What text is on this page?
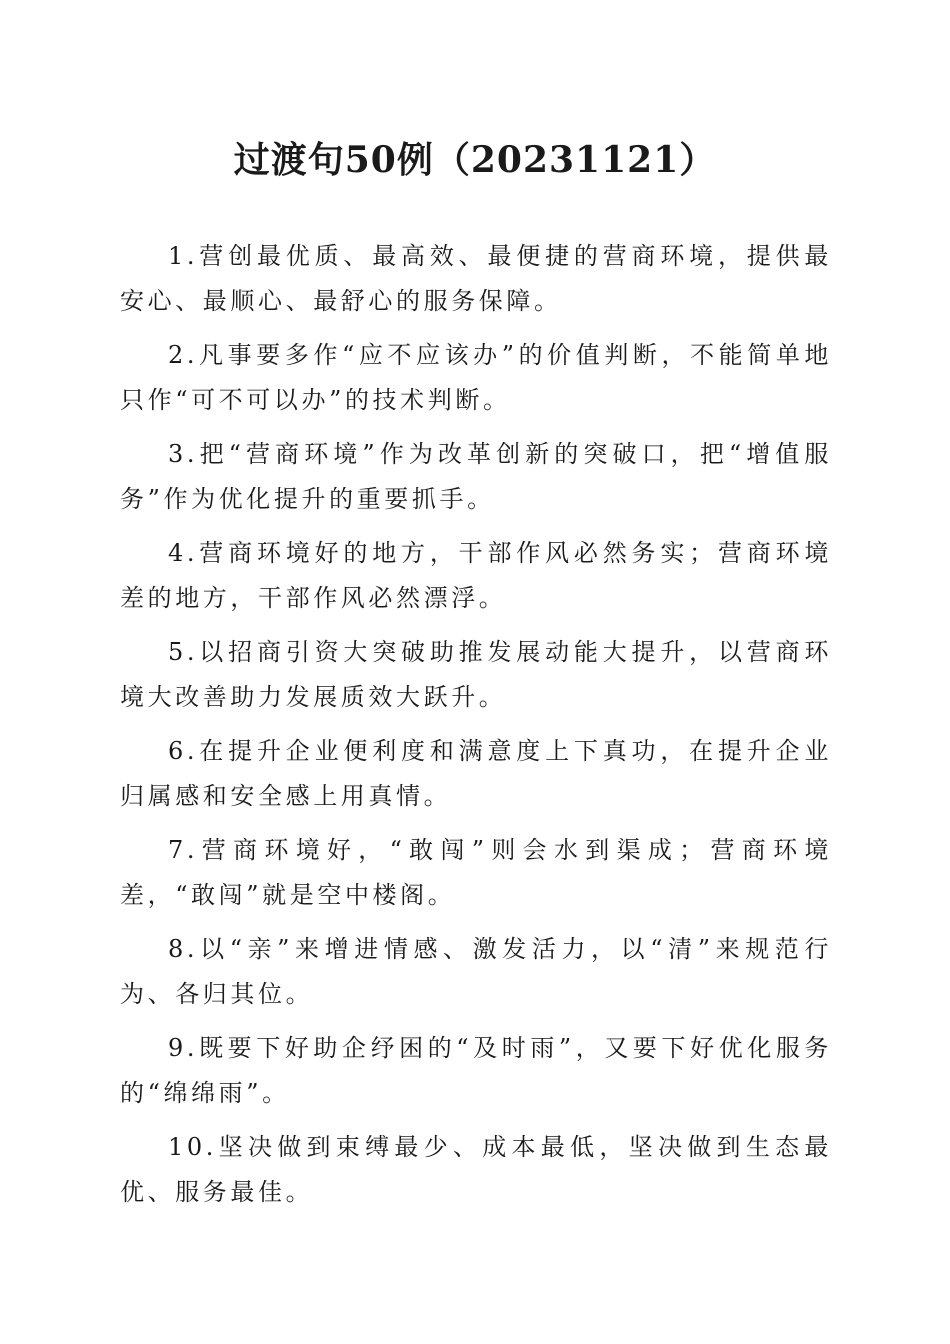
过渡句50例（20231121）

1.营创最优质、最高效、最便捷的营商环境，提供最安心、最顺心、最舒心的服务保障。

2.凡事要多作“应不应该办”的价值判断，不能简单地只作“可不可以办”的技术判断。

3.把“营商环境”作为改革创新的突破口，把“增值服务”作为优化提升的重要抓手。

4.营商环境好的地方，干部作风必然务实；营商环境差的地方，干部作风必然漂浮。

5.以招商引资大突破助推发展动能大提升，以营商环境大改善助力发展质效大跃升。

6.在提升企业便利度和满意度上下真功，在提升企业归属感和安全感上用真情。

7.营商环境好，“敢闯”则会水到渠成；营商环境差，“敢闯”就是空中楼阁。

8.以“亲”来增进情感、激发活力，以“清”来规范行为、各归其位。

9.既要下好助企纾困的“及时雨”，又要下好优化服务的“绵绵雨”。

10.坚决做到束缚最少、成本最低，坚决做到生态最优、服务最佳。
